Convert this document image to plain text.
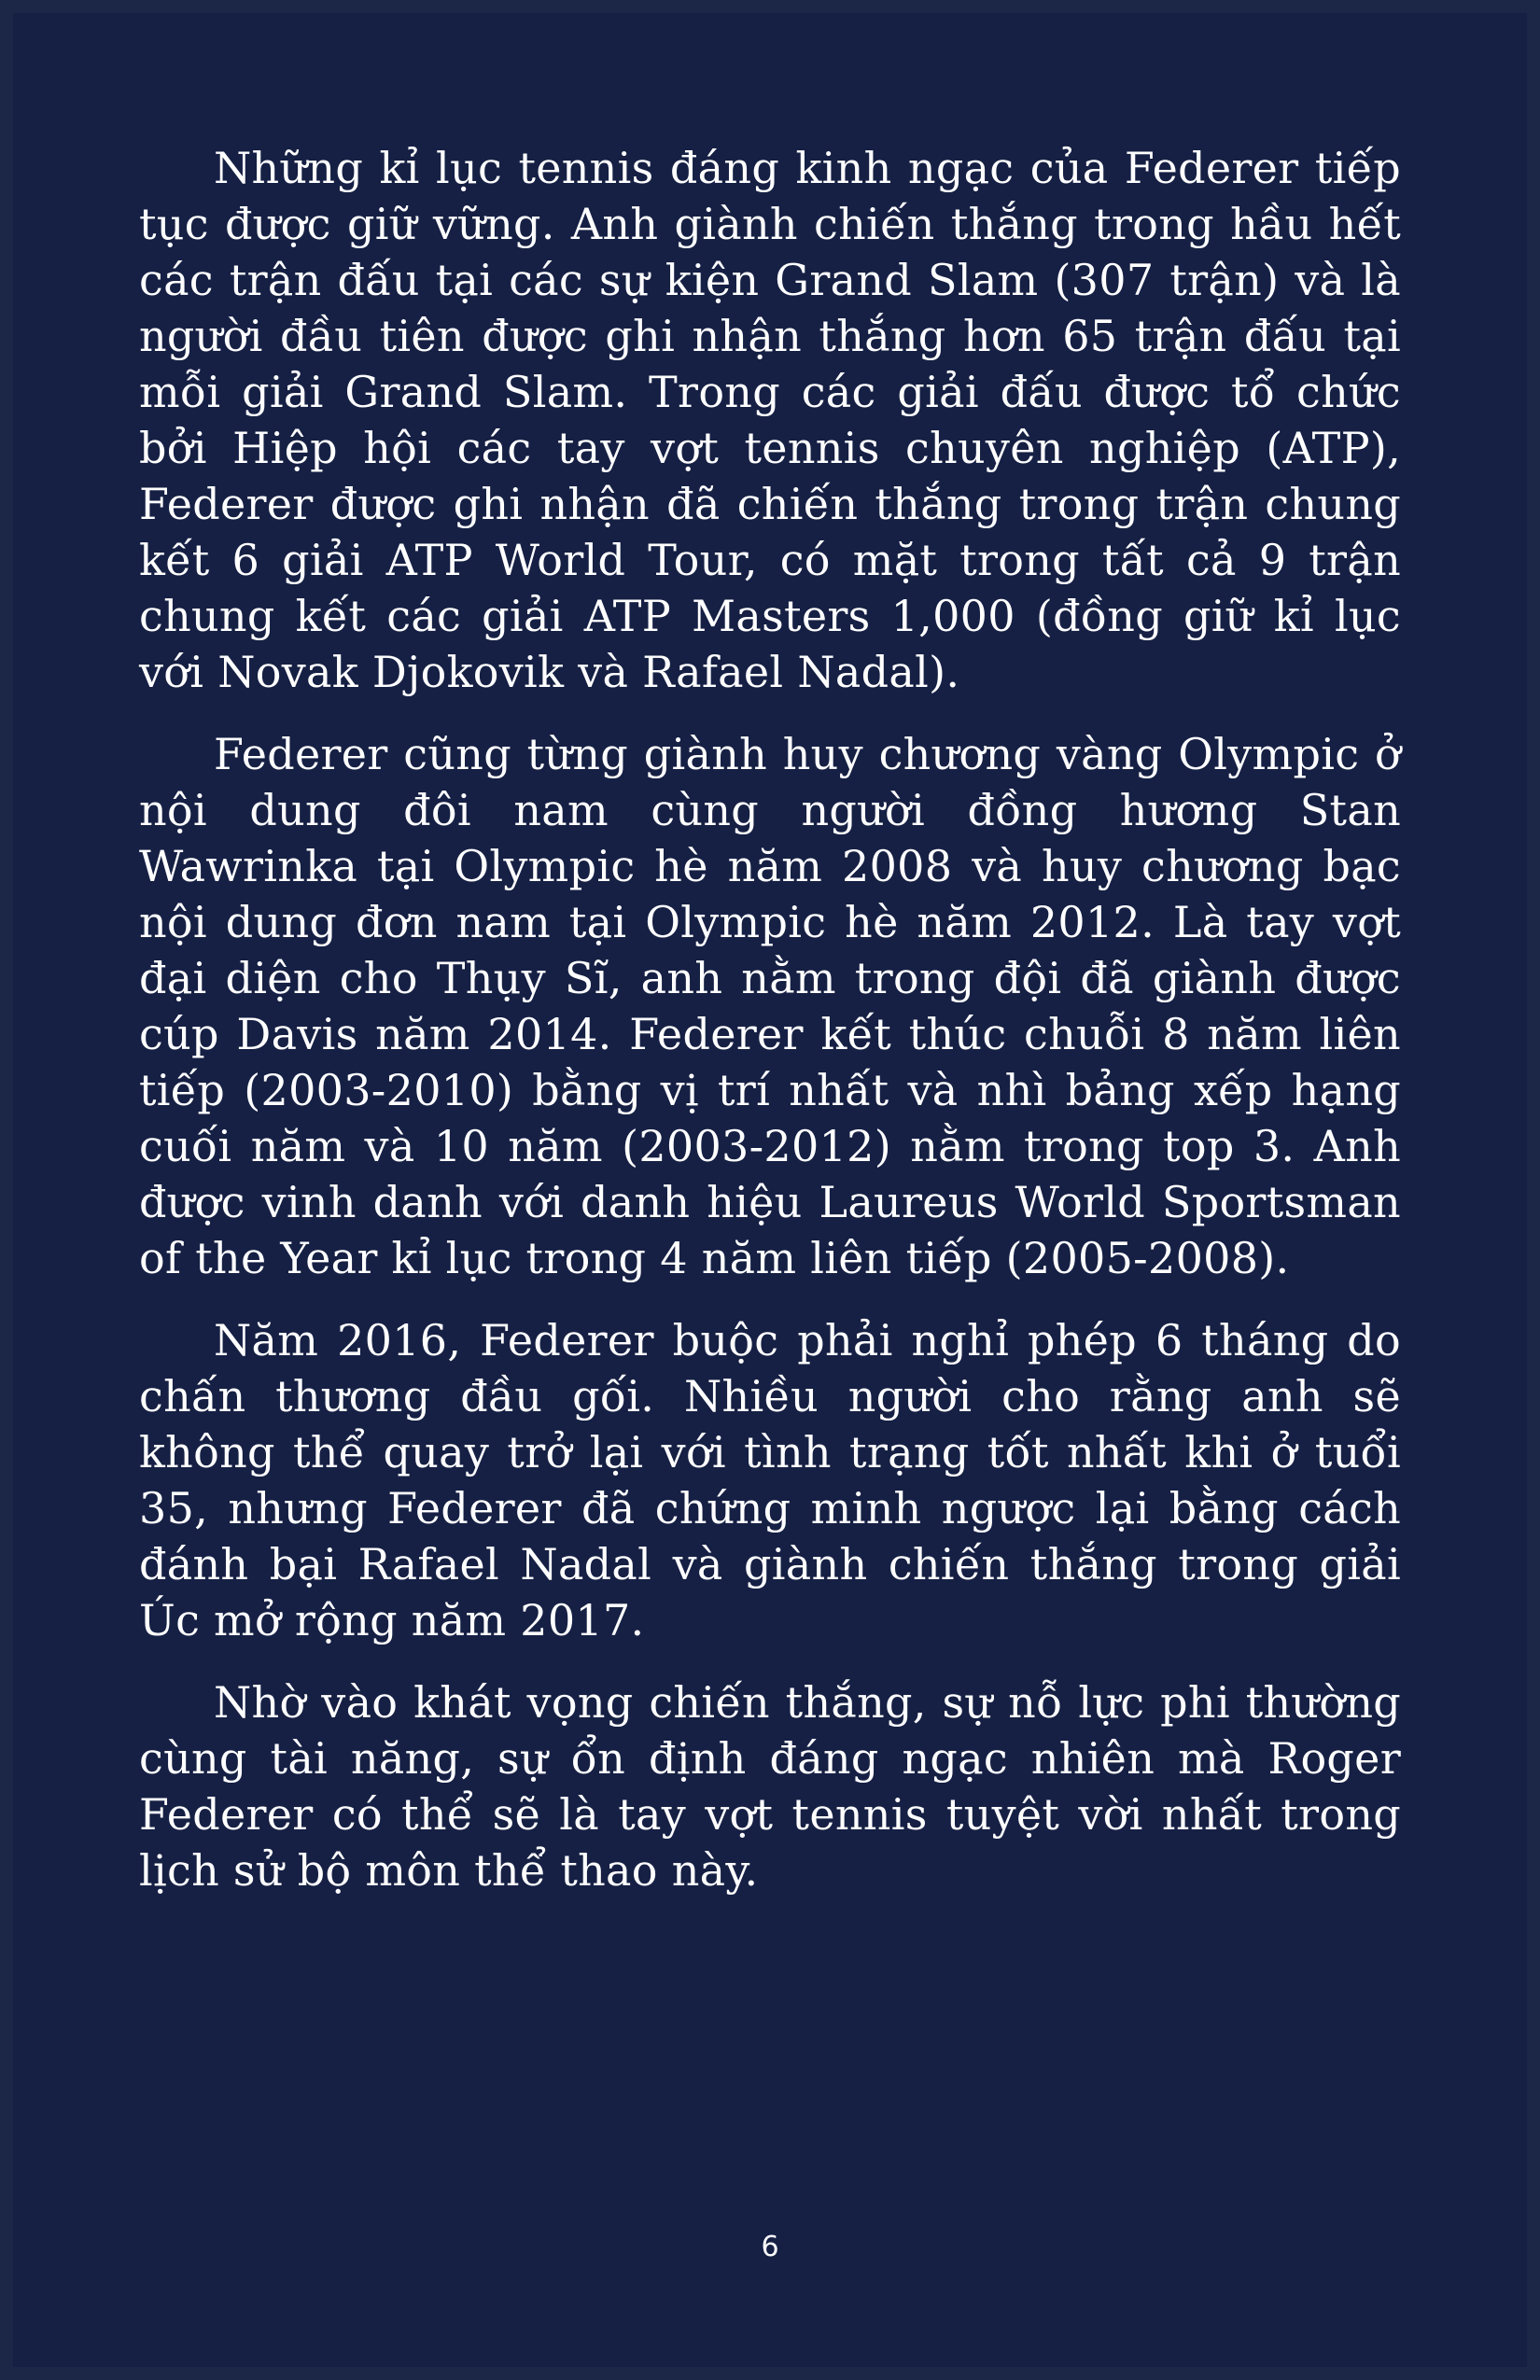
Những kỉ lục tennis đáng kinh ngạc của Federer tiếp tục được giữ vững. Anh giành chiến thắng trong hầu hết các trận đấu tại các sự kiện Grand Slam (307 trận) và là người đầu tiên được ghi nhận thắng hơn 65 trận đấu tại mỗi giải Grand Slam. Trong các giải đấu được tổ chức bởi Hiệp hội các tay vợt tennis chuyên nghiệp (ATP), Federer được ghi nhận đã chiến thắng trong trận chung kết 6 giải ATP World Tour, có mặt trong tất cả 9 trận chung kết các giải ATP Masters 1,000 (đồng giữ kỉ lục với Novak Djokovik và Rafael Nadal).

Federer cũng từng giành huy chương vàng Olympic ở nội dung đôi nam cùng người đồng hương Stan Wawrinka tại Olympic hè năm 2008 và huy chương bạc nội dung đơn nam tại Olympic hè năm 2012. Là tay vợt đại diện cho Thụy Sĩ, anh nằm trong đội đã giành được cúp Davis năm 2014. Federer kết thúc chuỗi 8 năm liên tiếp (2003-2010) bằng vị trí nhất và nhì bảng xếp hạng cuối năm và 10 năm (2003-2012) nằm trong top 3. Anh được vinh danh với danh hiệu Laureus World Sportsman of the Year kỉ lục trong 4 năm liên tiếp (2005-2008).

Năm 2016, Federer buộc phải nghỉ phép 6 tháng do chấn thương đầu gối. Nhiều người cho rằng anh sẽ không thể quay trở lại với tình trạng tốt nhất khi ở tuổi 35, nhưng Federer đã chứng minh ngược lại bằng cách đánh bại Rafael Nadal và giành chiến thắng trong giải Úc mở rộng năm 2017.

Nhờ vào khát vọng chiến thắng, sự nỗ lực phi thường cùng tài năng, sự ổn định đáng ngạc nhiên mà Roger Federer có thể sẽ là tay vợt tennis tuyệt vời nhất trong lịch sử bộ môn thể thao này.

6
